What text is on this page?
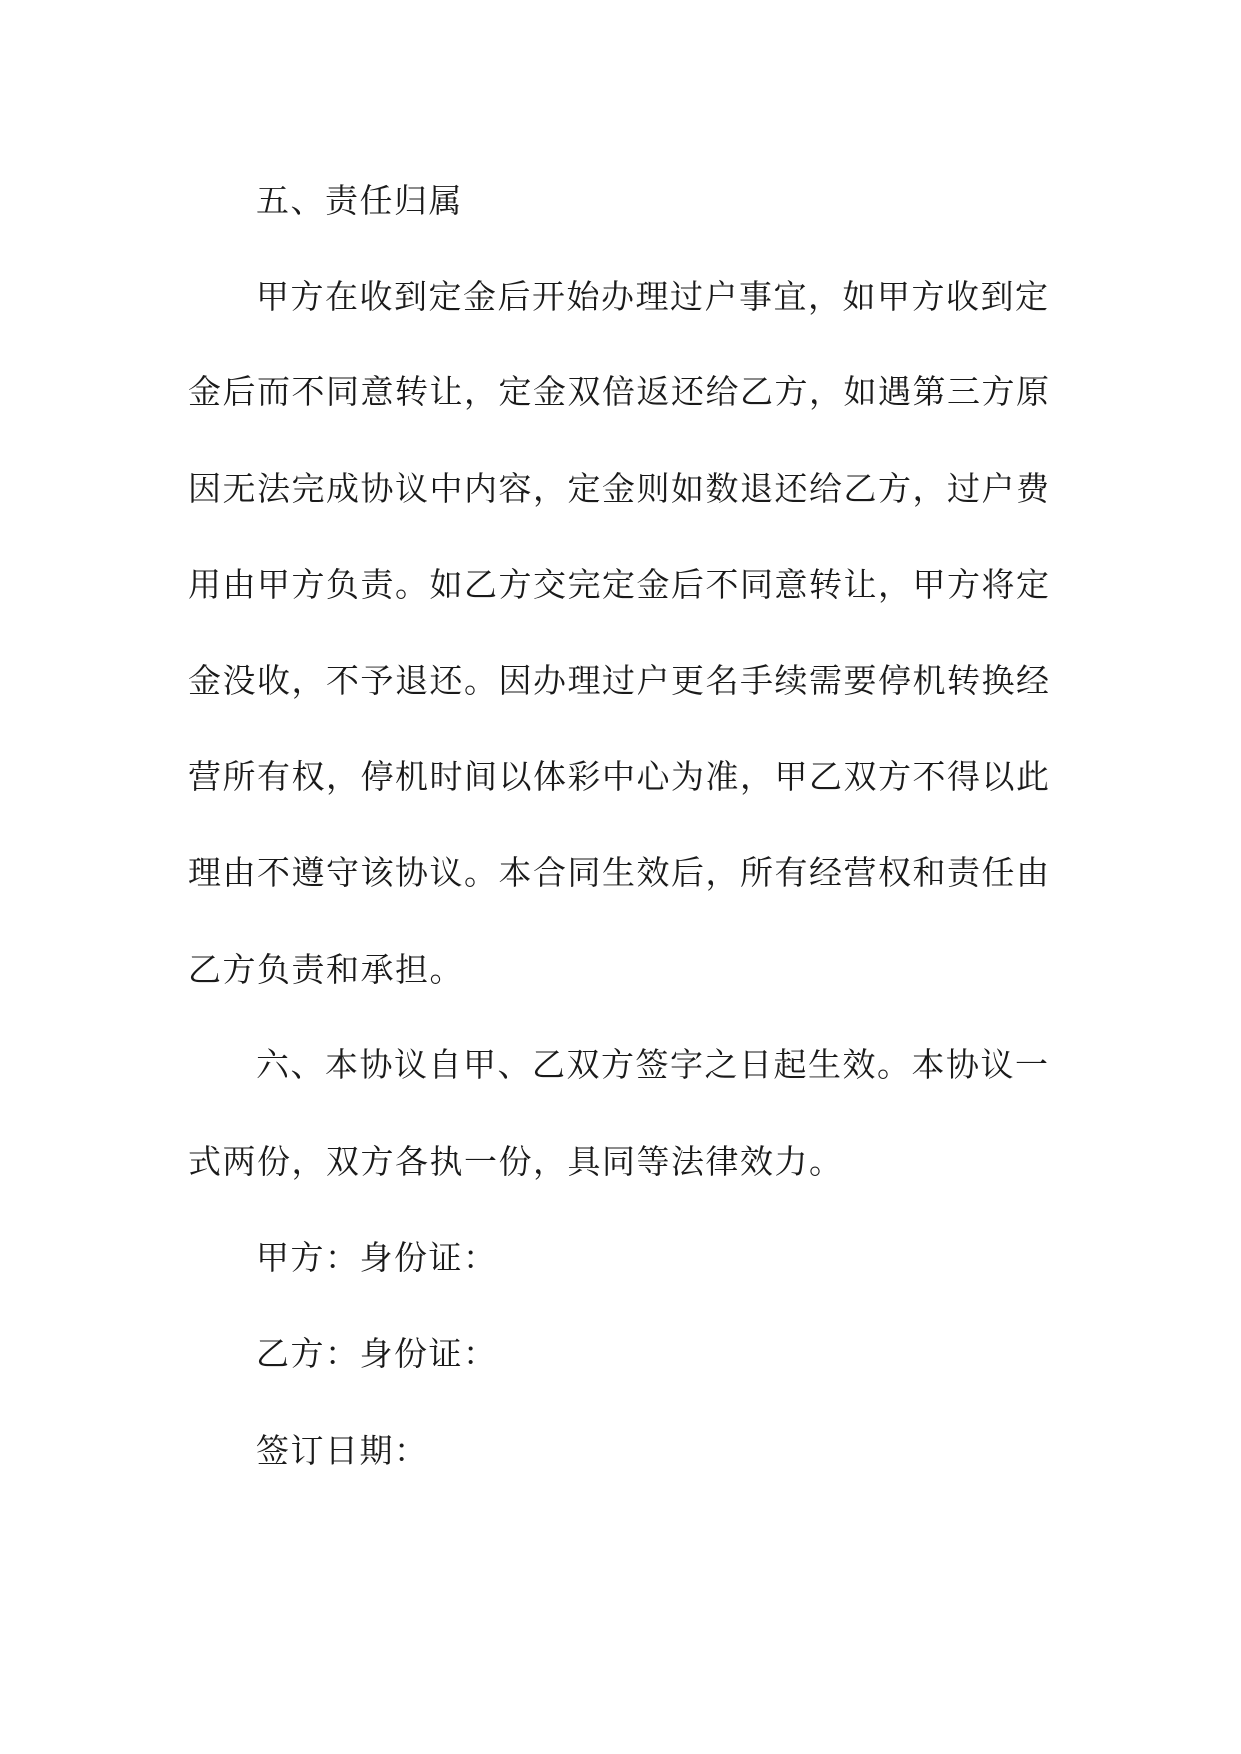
五、责任归属
甲方在收到定金后开始办理过户事宜，如甲方收到定
金后而不同意转让，定金双倍返还给乙方，如遇第三方原
因无法完成协议中内容，定金则如数退还给乙方，过户费
用由甲方负责。如乙方交完定金后不同意转让，甲方将定
金没收，不予退还。因办理过户更名手续需要停机转换经
营所有权，停机时间以体彩中心为准，甲乙双方不得以此
理由不遵守该协议。本合同生效后，所有经营权和责任由
乙方负责和承担。
六、本协议自甲、乙双方签字之日起生效。本协议一
式两份，双方各执一份，具同等法律效力。
甲方：身份证：
乙方：身份证：
签订日期：
